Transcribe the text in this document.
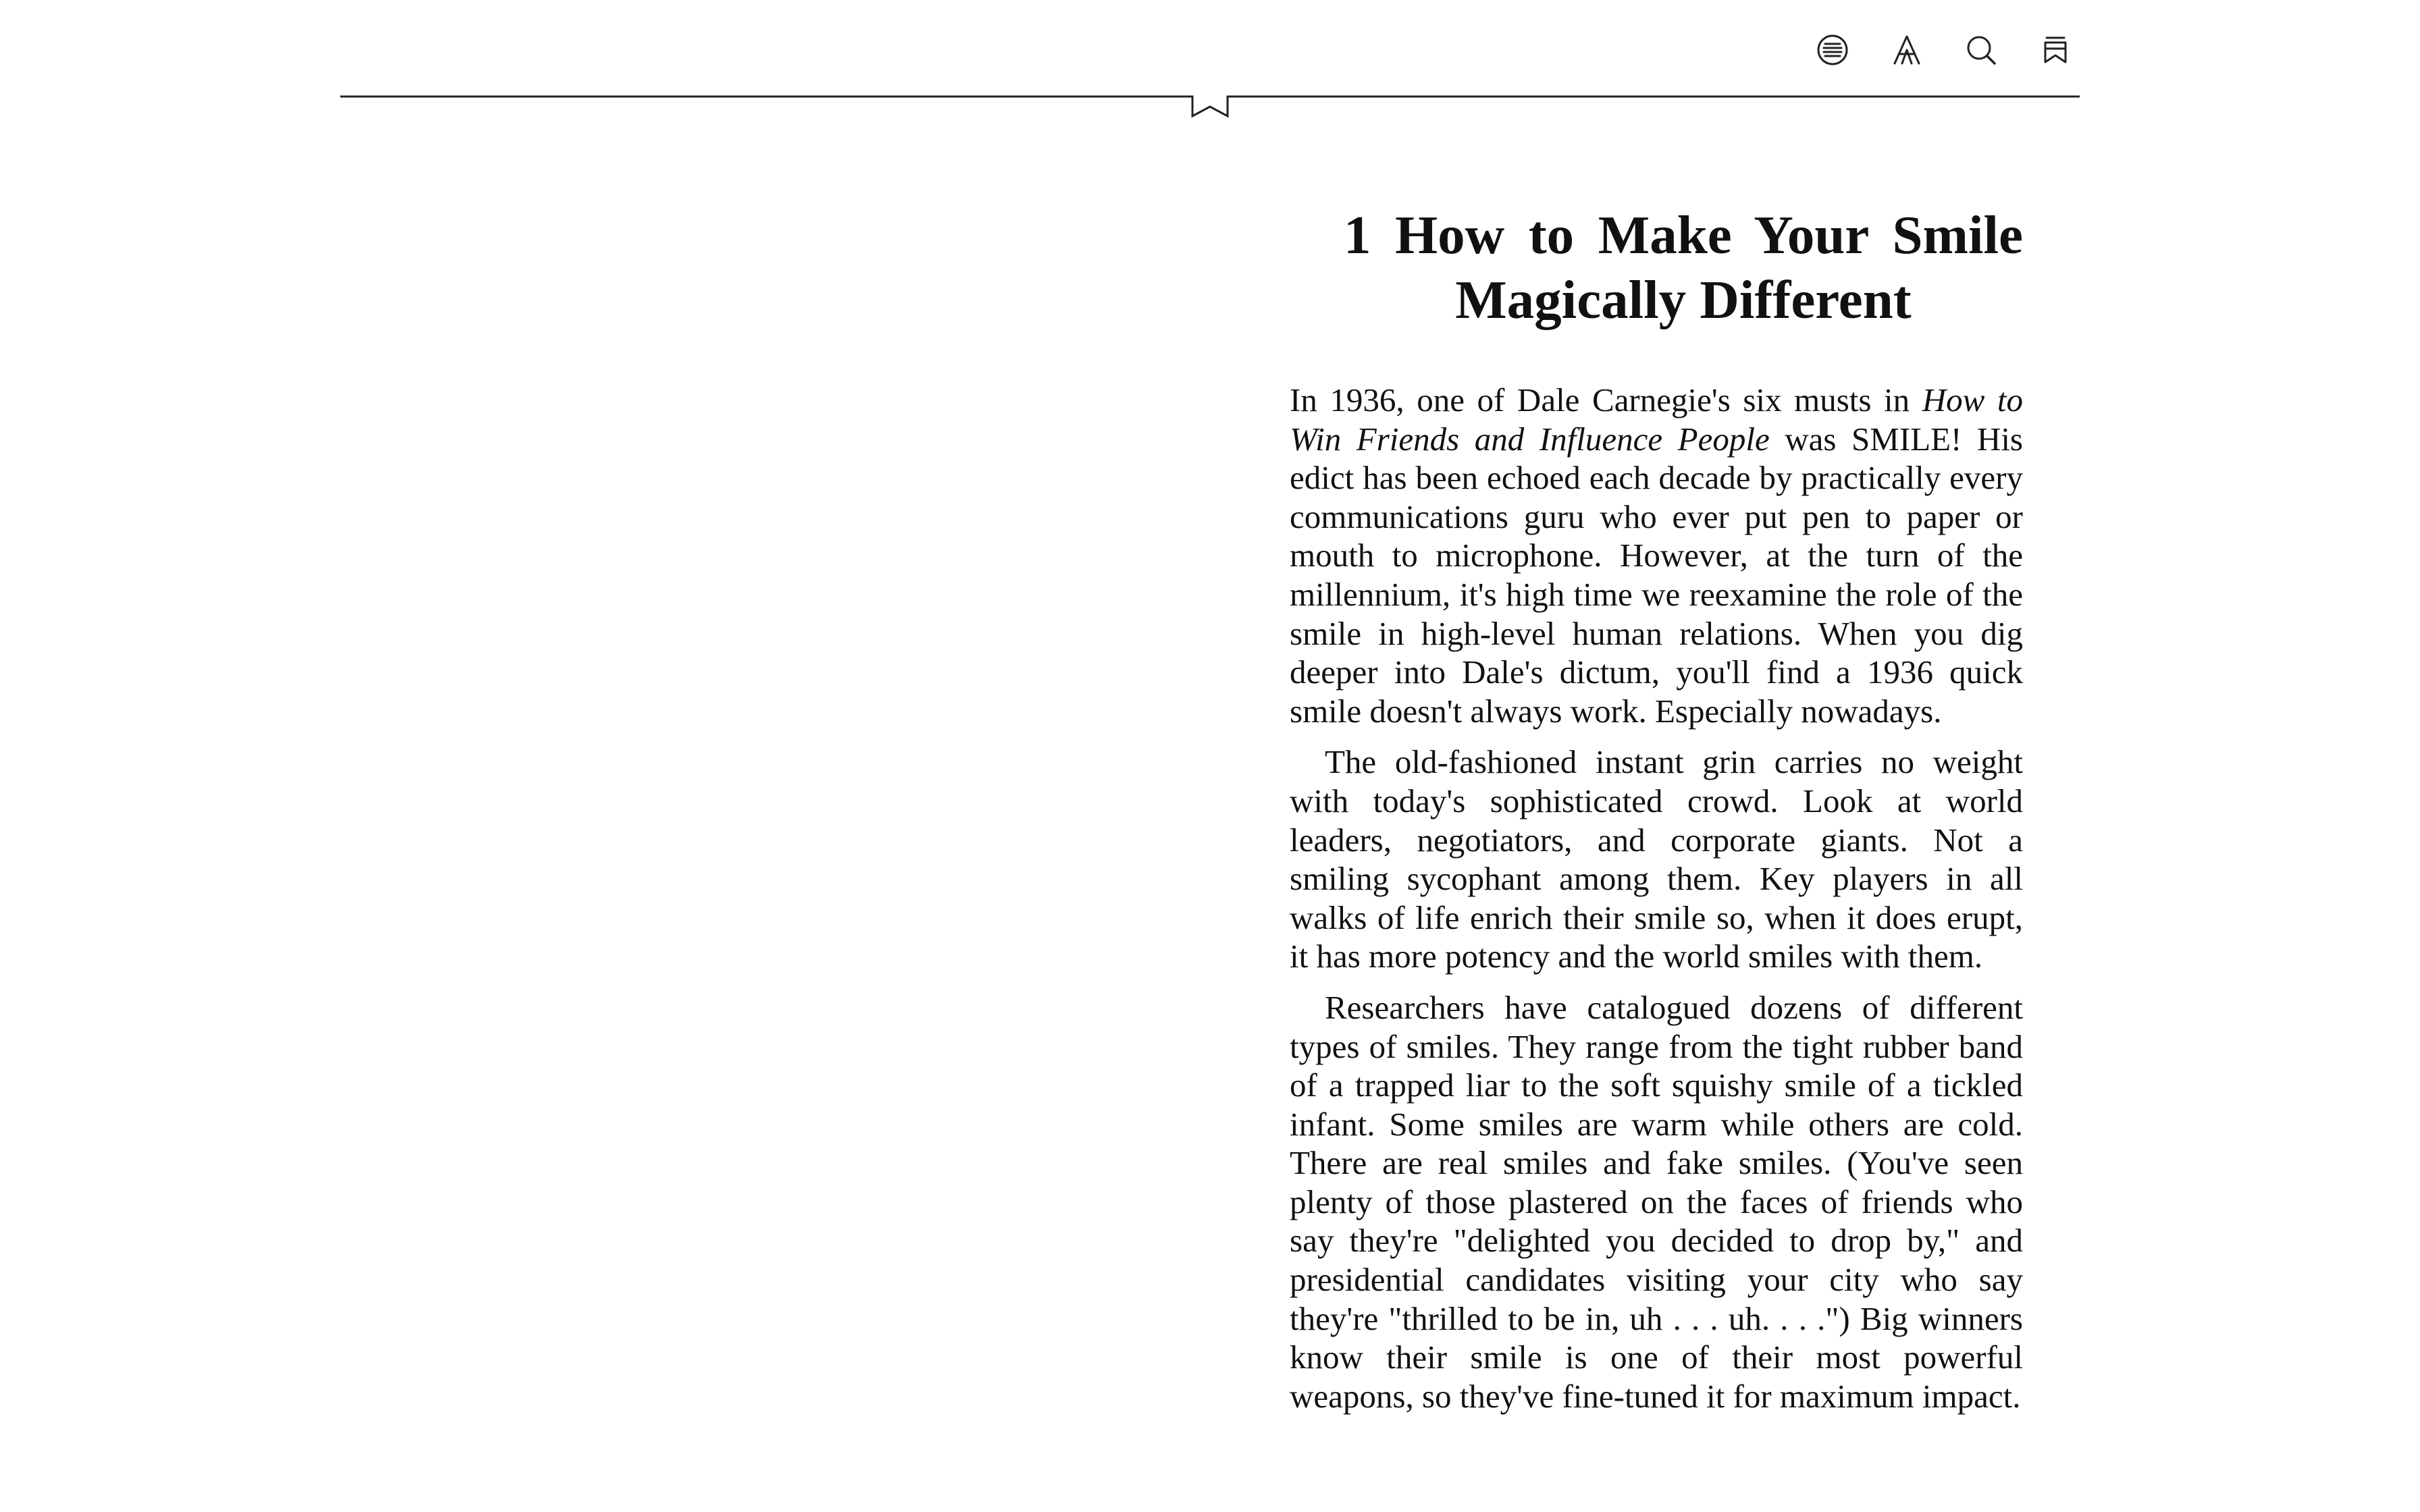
1 How to Make Your Smile Magically Different

In 1936, one of Dale Carnegie's six musts in How to Win Friends and Influence People was SMILE! His edict has been echoed each decade by practically every communications guru who ever put pen to paper or mouth to microphone. However, at the turn of the millennium, it's high time we reexamine the role of the smile in high-level human relations. When you dig deeper into Dale's dictum, you'll find a 1936 quick smile doesn't always work. Especially nowadays.

The old-fashioned instant grin carries no weight with today's sophisticated crowd. Look at world leaders, negotiators, and corporate giants. Not a smiling sycophant among them. Key players in all walks of life enrich their smile so, when it does erupt, it has more potency and the world smiles with them.

Researchers have catalogued dozens of different types of smiles. They range from the tight rubber band of a trapped liar to the soft squishy smile of a tickled infant. Some smiles are warm while others are cold. There are real smiles and fake smiles. (You've seen plenty of those plastered on the faces of friends who say they're "delighted you decided to drop by," and presidential candidates visiting your city who say they're "thrilled to be in, uh . . . uh. . . .") Big winners know their smile is one of their most powerful weapons, so they've fine-tuned it for maximum impact.
